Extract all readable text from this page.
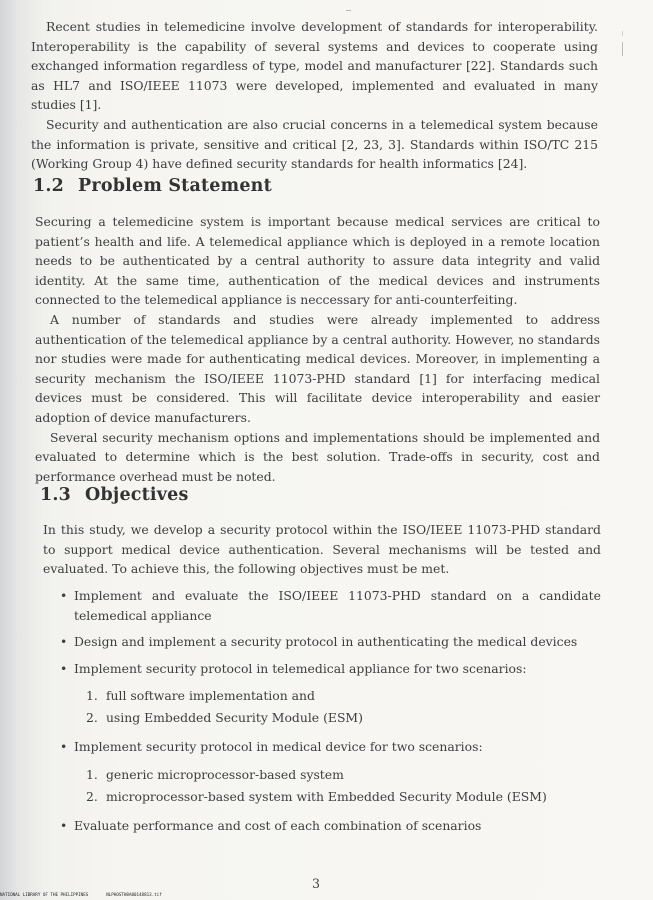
Recent studies in telemedicine involve development of standards for interoperability. Interoperability is the capability of several systems and devices to cooperate using exchanged information regardless of type, model and manufacturer [22]. Standards such as HL7 and ISO/IEEE 11073 were developed, implemented and evaluated in many studies [1].
Security and authentication are also crucial concerns in a telemedical system because the information is private, sensitive and critical [2, 23, 3]. Standards within ISO/TC 215 (Working Group 4) have defined security standards for health informatics [24].
1.2 Problem Statement
Securing a telemedicine system is important because medical services are critical to patient’s health and life. A telemedical appliance which is deployed in a remote location needs to be authenticated by a central authority to assure data integrity and valid identity. At the same time, authentication of the medical devices and instruments connected to the telemedical appliance is neccessary for anti-counterfeiting.
A number of standards and studies were already implemented to address authentication of the telemedical appliance by a central authority. However, no standards nor studies were made for authenticating medical devices. Moreover, in implementing a security mechanism the ISO/IEEE 11073-PHD standard [1] for interfacing medical devices must be considered. This will facilitate device interoperability and easier adoption of device manufacturers.
Several security mechanism options and implementations should be implemented and evaluated to determine which is the best solution. Trade-offs in security, cost and performance overhead must be noted.
1.3 Objectives
In this study, we develop a security protocol within the ISO/IEEE 11073-PHD standard to support medical device authentication. Several mechanisms will be tested and evaluated. To achieve this, the following objectives must be met.
• Implement and evaluate the ISO/IEEE 11073-PHD standard on a candidate telemedical appliance
• Design and implement a security protocol in authenticating the medical devices
• Implement security protocol in telemedical appliance for two scenarios:
1. full software implementation and
2. using Embedded Security Module (ESM)
• Implement security protocol in medical device for two scenarios:
1. generic microprocessor-based system
2. microprocessor-based system with Embedded Security Module (ESM)
• Evaluate performance and cost of each combination of scenarios
3
NATIONAL LIBRARY OF THE PHILIPPINES	NLPHOSTH8A00148813.tif
